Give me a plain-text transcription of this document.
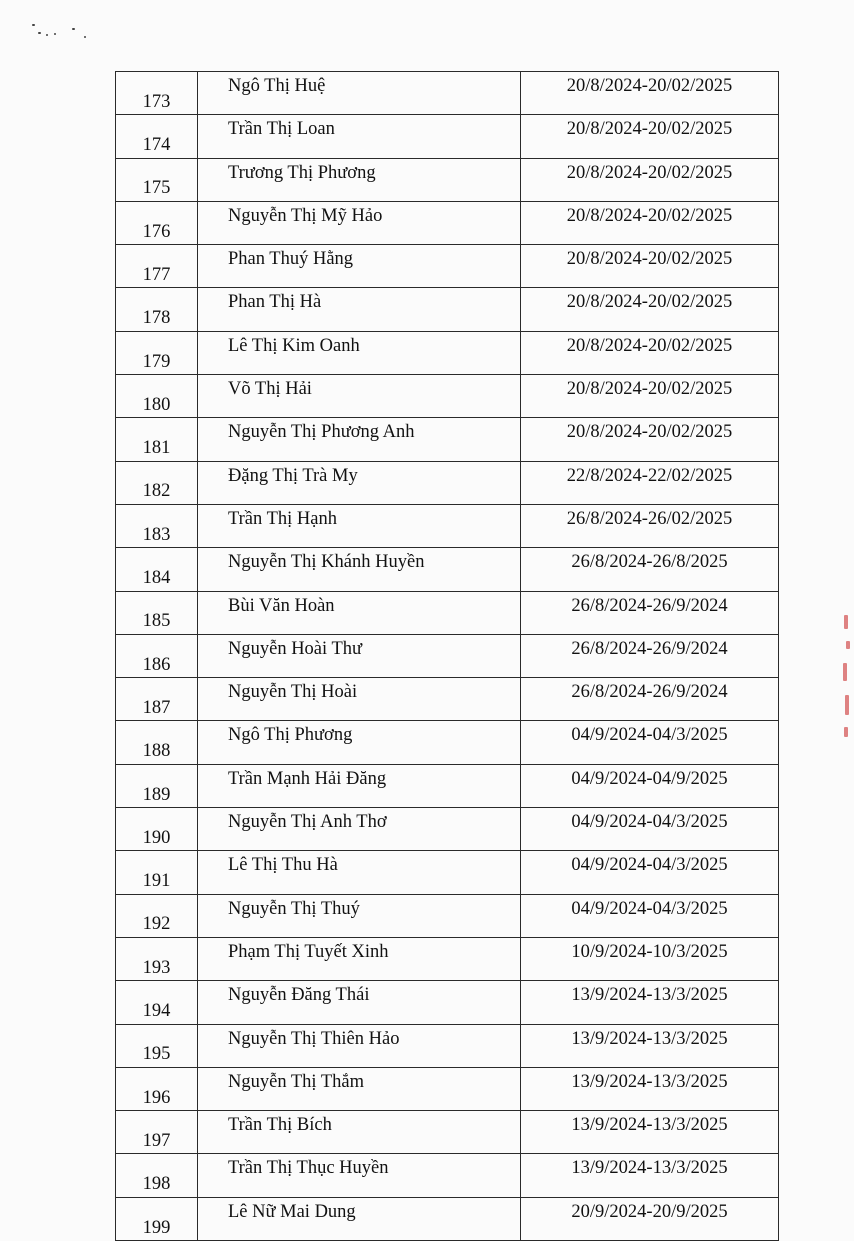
173	Ngô Thị Huệ	20/8/2024-20/02/2025
174	Trần Thị Loan	20/8/2024-20/02/2025
175	Trương Thị Phương	20/8/2024-20/02/2025
176	Nguyễn Thị Mỹ Hảo	20/8/2024-20/02/2025
177	Phan Thuý Hằng	20/8/2024-20/02/2025
178	Phan Thị Hà	20/8/2024-20/02/2025
179	Lê Thị Kim Oanh	20/8/2024-20/02/2025
180	Võ Thị Hải	20/8/2024-20/02/2025
181	Nguyễn Thị Phương Anh	20/8/2024-20/02/2025
182	Đặng Thị Trà My	22/8/2024-22/02/2025
183	Trần Thị Hạnh	26/8/2024-26/02/2025
184	Nguyễn Thị Khánh Huyền	26/8/2024-26/8/2025
185	Bùi Văn Hoàn	26/8/2024-26/9/2024
186	Nguyễn Hoài Thư	26/8/2024-26/9/2024
187	Nguyễn Thị Hoài	26/8/2024-26/9/2024
188	Ngô Thị Phương	04/9/2024-04/3/2025
189	Trần Mạnh Hải Đăng	04/9/2024-04/9/2025
190	Nguyễn Thị Anh Thơ	04/9/2024-04/3/2025
191	Lê Thị Thu Hà	04/9/2024-04/3/2025
192	Nguyễn Thị Thuý	04/9/2024-04/3/2025
193	Phạm Thị Tuyết Xinh	10/9/2024-10/3/2025
194	Nguyễn Đăng Thái	13/9/2024-13/3/2025
195	Nguyễn Thị Thiên Hảo	13/9/2024-13/3/2025
196	Nguyễn Thị Thắm	13/9/2024-13/3/2025
197	Trần Thị Bích	13/9/2024-13/3/2025
198	Trần Thị Thục Huyền	13/9/2024-13/3/2025
199	Lê Nữ Mai Dung	20/9/2024-20/9/2025
